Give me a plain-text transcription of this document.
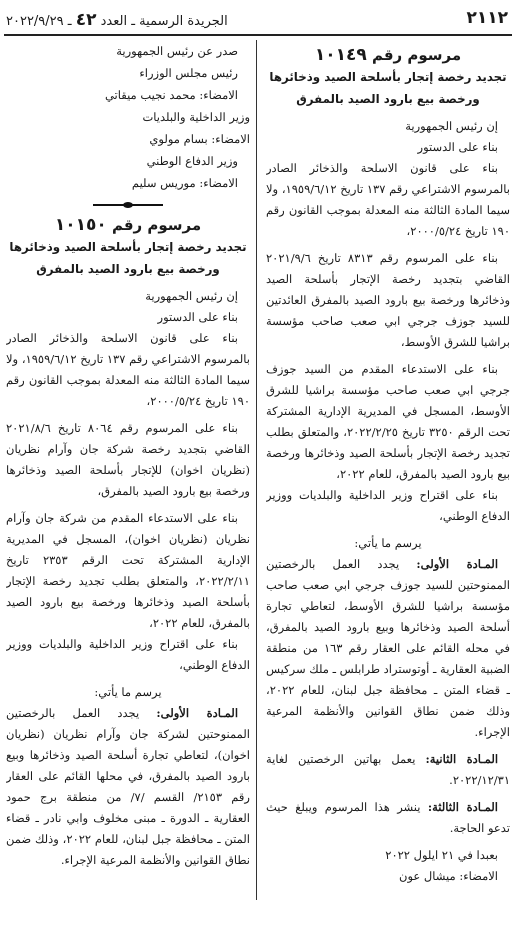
٢١١٢
الجريدة الرسمية ـ العدد ٤٢ ـ ٢٠٢٢/٩/٢٩
مرسوم رقم ١٠١٤٩
تجديد رخصة إتجار بأسلحة الصيد وذخائرها
ورخصة بيع بارود الصيد بالمفرق

إن رئيس الجمهورية

بناء على الدستور

بناء على قانون الاسلحة والذخائر الصادر بالمرسوم الاشتراعي رقم ١٣٧ تاريخ ١٩٥٩/٦/١٢، ولا سيما المادة الثالثة منه المعدلة بموجب القانون رقم ١٩٠ تاريخ ٢٠٠٠/٥/٢٤،

بناء على المرسوم رقم ٨٣١٣ تاريخ ٢٠٢١/٩/٦ القاضي بتجديد رخصة الإتجار بأسلحة الصيد وذخائرها ورخصة بيع بارود الصيد بالمفرق العائدتين للسيد جوزف جرجي ابي صعب صاحب مؤسسة براشيا للشرق الأوسط،

بناء على الاستدعاء المقدم من السيد جوزف جرجي ابي صعب صاحب مؤسسة براشيا للشرق الأوسط، المسجل في المديرية الإدارية المشتركة تحت الرقم ٣٢٥٠ تاريخ ٢٠٢٢/٢/٢٥، والمتعلق بطلب تجديد رخصة الإتجار بأسلحة الصيد وذخائرها ورخصة بيع بارود الصيد بالمفرق، للعام ٢٠٢٢،

بناء على اقتراح وزير الداخلية والبلديات ووزير الدفاع الوطني،

يرسم ما يأتي:

المـادة الأولى: يجدد العمل بالرخصتين الممنوحتين للسيد جوزف جرجي ابي صعب صاحب مؤسسة براشيا للشرق الأوسط، لتعاطي تجارة أسلحة الصيد وذخائرها وبيع بارود الصيد بالمفرق، في محله القائم على العقار رقم ١٦٣ من منطقة الضبية العقارية ـ أوتوستراد طرابلس ـ ملك سركيس ـ قضاء المتن ـ محافظة جبل لبنان، للعام ٢٠٢٢، وذلك ضمن نطاق القوانين والأنظمة المرعية الإجراء.

المـادة الثانية: يعمل بهاتين الرخصتين لغاية ٢٠٢٢/١٢/٣١.

المـادة الثالثة: ينشر هذا المرسوم ويبلغ حيث تدعو الحاجة.

بعبدا في ٢١ ايلول ٢٠٢٢

الامضاء: ميشال عون

صدر عن رئيس الجمهورية

رئيس مجلس الوزراء

الامضاء: محمد نجيب ميقاتي

وزير الداخلية والبلديات

الامضاء: بسام مولوي

وزير الدفاع الوطني

الامضاء: موريس سليم

مرسوم رقم ١٠١٥٠
تجديد رخصة إتجار بأسلحة الصيد وذخائرها
ورخصة بيع بارود الصيد بالمفرق

إن رئيس الجمهورية

بناء على الدستور

بناء على قانون الاسلحة والذخائر الصادر بالمرسوم الاشتراعي رقم ١٣٧ تاريخ ١٩٥٩/٦/١٢، ولا سيما المادة الثالثة منه المعدلة بموجب القانون رقم ١٩٠ تاريخ ٢٠٠٠/٥/٢٤،

بناء على المرسوم رقم ٨٠٦٤ تاريخ ٢٠٢١/٨/٦ القاضي بتجديد رخصة شركة جان وآرام نظريان (نظريان اخوان) للإتجار بأسلحة الصيد وذخائرها ورخصة بيع بارود الصيد بالمفرق،

بناء على الاستدعاء المقدم من شركة جان وآرام نظريان (نظريان اخوان)، المسجل في المديرية الإدارية المشتركة تحت الرقم ٢٣٥٣ تاريخ ٢٠٢٢/٢/١١، والمتعلق بطلب تجديد رخصة الإتجار بأسلحة الصيد وذخائرها ورخصة بيع بارود الصيد بالمفرق، للعام ٢٠٢٢،

بناء على اقتراح وزير الداخلية والبلديات ووزير الدفاع الوطني،

يرسم ما يأتي:

المـادة الأولى: يجدد العمل بالرخصتين الممنوحتين لشركة جان وآرام نظريان (نظريان اخوان)، لتعاطي تجارة أسلحة الصيد وذخائرها وبيع بارود الصيد بالمفرق، في محلها القائم على العقار رقم ٢١٥٣/ القسم /٧/ من منطقة برج حمود العقارية ـ الدورة ـ مبنى مخلوف وابي نادر ـ قضاء المتن ـ محافظة جبل لبنان، للعام ٢٠٢٢، وذلك ضمن نطاق القوانين والأنظمة المرعية الإجراء.
